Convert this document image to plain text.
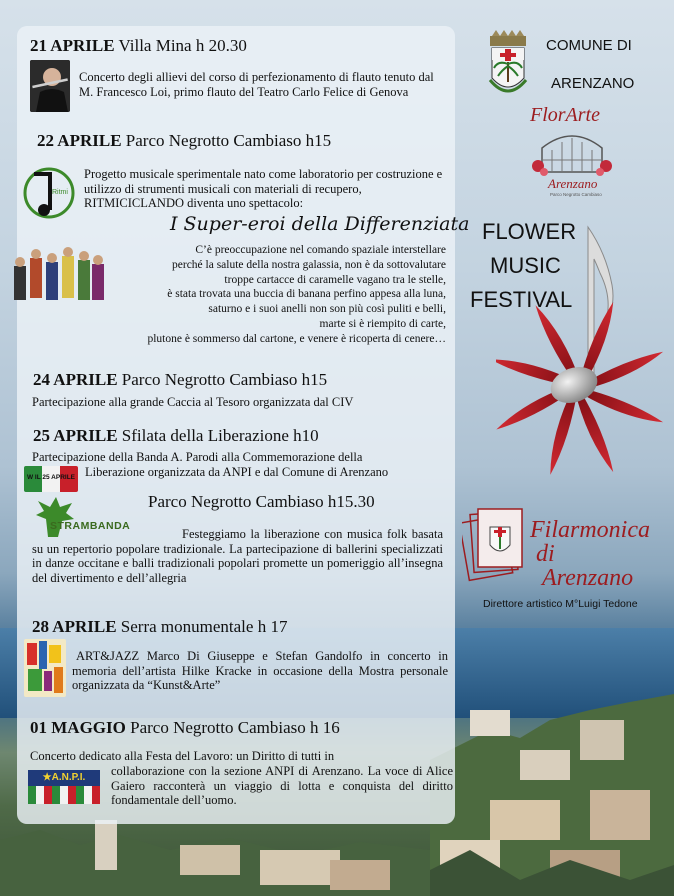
21 APRILE Villa Mina h 20.30
Concerto degli allievi del corso di perfezionamento di flauto tenuto dal M. Francesco Loi, primo flauto del Teatro Carlo Felice di Genova
22 APRILE Parco Negrotto Cambiaso h15
Ritmi
Progetto musicale sperimentale nato come laboratorio per costruzione e utilizzo di strumenti musicali con materiali di recupero, RITMICICLANDO diventa uno spettacolo:
I Super-eroi della Differenziata
C’è preoccupazione nel comando spaziale interstellare
perché la salute della nostra galassia, non è da sottovalutare
troppe cartacce di caramelle vagano tra le stelle,
è stata trovata una buccia di banana perfino appesa alla luna,
saturno e i suoi anelli non son più così puliti e belli,
marte si è riempito di carte,
plutone è sommerso dal cartone, e venere è ricoperta di cenere…
24 APRILE Parco Negrotto Cambiaso h15
Partecipazione alla grande Caccia al Tesoro organizzata dal CIV
25 APRILE Sfilata della Liberazione h10
Partecipazione della Banda A. Parodi alla Commemorazione della
Liberazione organizzata da ANPI e dal Comune di Arenzano
W IL 25 APRILE
Parco Negrotto Cambiaso h15.30
STRAMBANDA
Festeggiamo la liberazione con musica folk basata su un repertorio popolare tradizionale. La partecipazione di ballerini specializzati in danze occitane e balli tradizionali popolari promette un pomeriggio all’insegna del divertimento e dell’allegria
28 APRILE Serra monumentale h 17
ART&JAZZ Marco Di Giuseppe e Stefan Gandolfo in concerto in memoria dell’artista Hilke Kracke in occasione della Mostra personale organizzata da “Kunst&Arte”
01 MAGGIO Parco Negrotto Cambiaso h 16
Concerto dedicato alla Festa del Lavoro: un Diritto di tutti in
★A.N.P.I.	collaborazione con la sezione ANPI di Arenzano. La voce di Alice Gaiero racconterà un viaggio di lotta e conquista del diritto fondamentale dell’uomo.
COMUNE DI
ARENZANO
FlorArte
Arenzano
Parco Negrotto Cambiaso
FLOWER
MUSIC
FESTIVAL
Filarmonica
di
Arenzano
Direttore artistico M°Luigi Tedone
